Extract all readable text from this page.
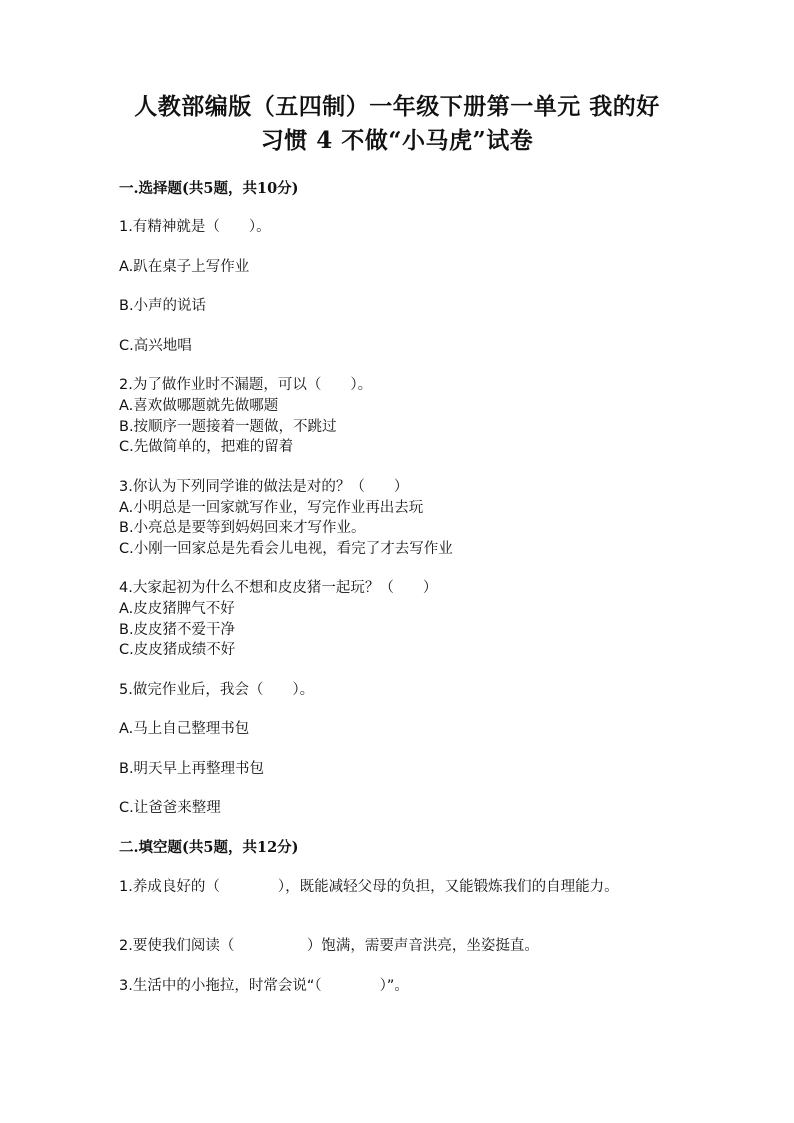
人教部编版（五四制）一年级下册第一单元 我的好
习惯 4 不做“小马虎”试卷
一.选择题(共5题，共10分)
1.有精神就是（　　）。
A.趴在桌子上写作业
B.小声的说话
C.高兴地唱
2.为了做作业时不漏题，可以（　　）。
A.喜欢做哪题就先做哪题
B.按顺序一题接着一题做，不跳过
C.先做简单的，把难的留着
3.你认为下列同学谁的做法是对的？（　　）
A.小明总是一回家就写作业，写完作业再出去玩
B.小亮总是要等到妈妈回来才写作业。
C.小刚一回家总是先看会儿电视，看完了才去写作业
4.大家起初为什么不想和皮皮猪一起玩？（　　）
A.皮皮猪脾气不好
B.皮皮猪不爱干净
C.皮皮猪成绩不好
5.做完作业后，我会（　　）。
A.马上自己整理书包
B.明天早上再整理书包
C.让爸爸来整理
二.填空题(共5题，共12分)
1.养成良好的（　　　　），既能减轻父母的负担，又能锻炼我们的自理能力。
2.要使我们阅读（　　　　　）饱满，需要声音洪亮，坐姿挺直。
3.生活中的小拖拉，时常会说“（　　　　）”。
